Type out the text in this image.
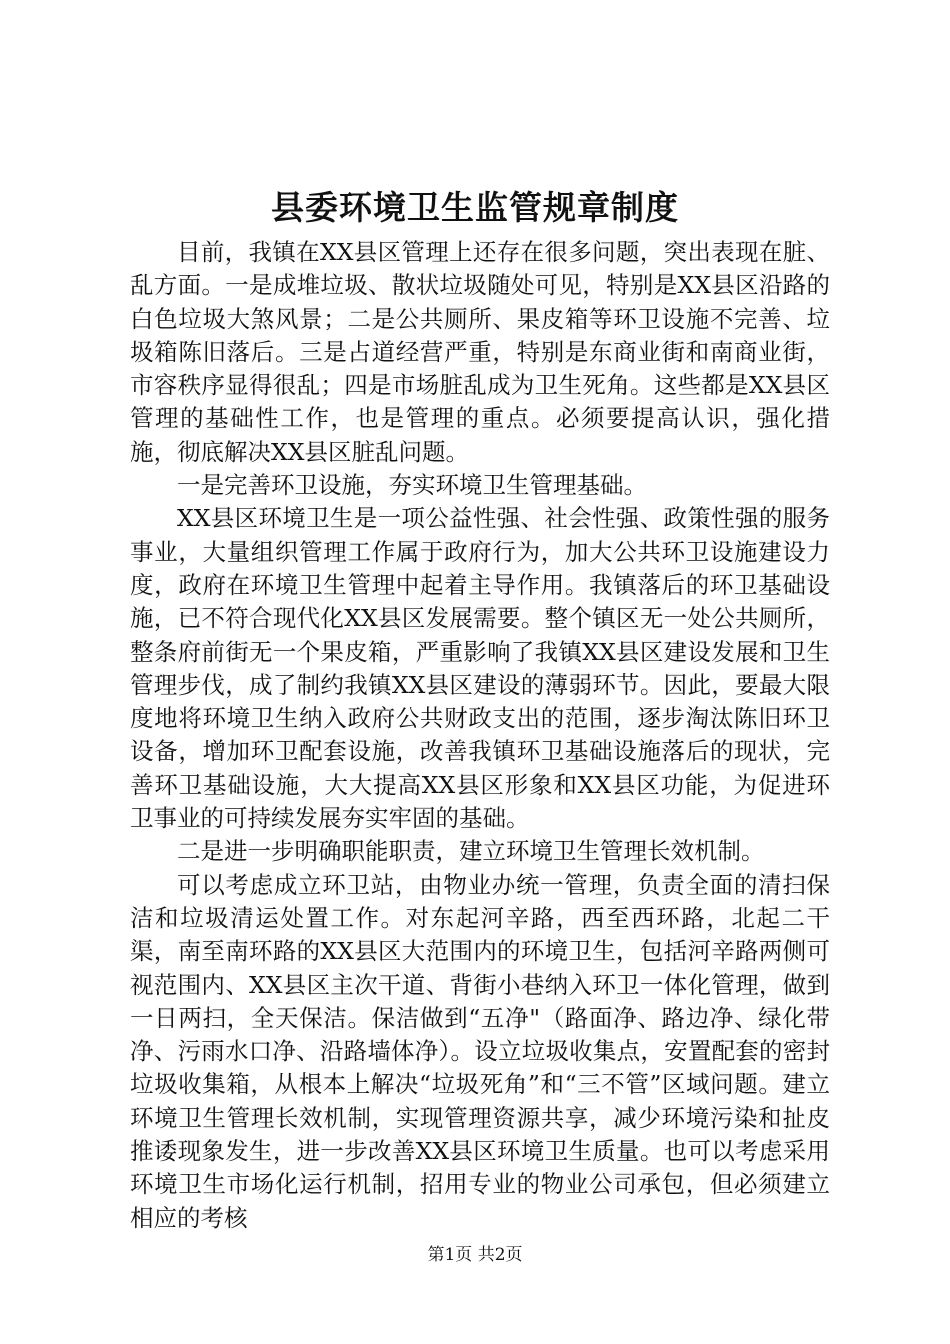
县委环境卫生监管规章制度

目前，我镇在XX县区管理上还存在很多问题，突出表现在脏、乱方面。一是成堆垃圾、散状垃圾随处可见，特别是XX县区沿路的白色垃圾大煞风景；二是公共厕所、果皮箱等环卫设施不完善、垃圾箱陈旧落后。三是占道经营严重，特别是东商业街和南商业街，市容秩序显得很乱；四是市场脏乱成为卫生死角。这些都是XX县区管理的基础性工作，也是管理的重点。必须要提高认识，强化措施，彻底解决XX县区脏乱问题。

一是完善环卫设施，夯实环境卫生管理基础。

XX县区环境卫生是一项公益性强、社会性强、政策性强的服务事业，大量组织管理工作属于政府行为，加大公共环卫设施建设力度，政府在环境卫生管理中起着主导作用。我镇落后的环卫基础设施，已不符合现代化XX县区发展需要。整个镇区无一处公共厕所，整条府前街无一个果皮箱，严重影响了我镇XX县区建设发展和卫生管理步伐，成了制约我镇XX县区建设的薄弱环节。因此，要最大限度地将环境卫生纳入政府公共财政支出的范围，逐步淘汰陈旧环卫设备，增加环卫配套设施，改善我镇环卫基础设施落后的现状，完善环卫基础设施，大大提高XX县区形象和XX县区功能，为促进环卫事业的可持续发展夯实牢固的基础。

二是进一步明确职能职责，建立环境卫生管理长效机制。

可以考虑成立环卫站，由物业办统一管理，负责全面的清扫保洁和垃圾清运处置工作。对东起河辛路，西至西环路，北起二干渠，南至南环路的XX县区大范围内的环境卫生，包括河辛路两侧可视范围内、XX县区主次干道、背街小巷纳入环卫一体化管理，做到一日两扫，全天保洁。保洁做到“五净"（路面净、路边净、绿化带净、污雨水口净、沿路墙体净）。设立垃圾收集点，安置配套的密封垃圾收集箱，从根本上解决“垃圾死角”和“三不管”区域问题。建立环境卫生管理长效机制，实现管理资源共享，减少环境污染和扯皮推诿现象发生，进一步改善XX县区环境卫生质量。也可以考虑采用环境卫生市场化运行机制，招用专业的物业公司承包，但必须建立相应的考核

第1页 共2页
